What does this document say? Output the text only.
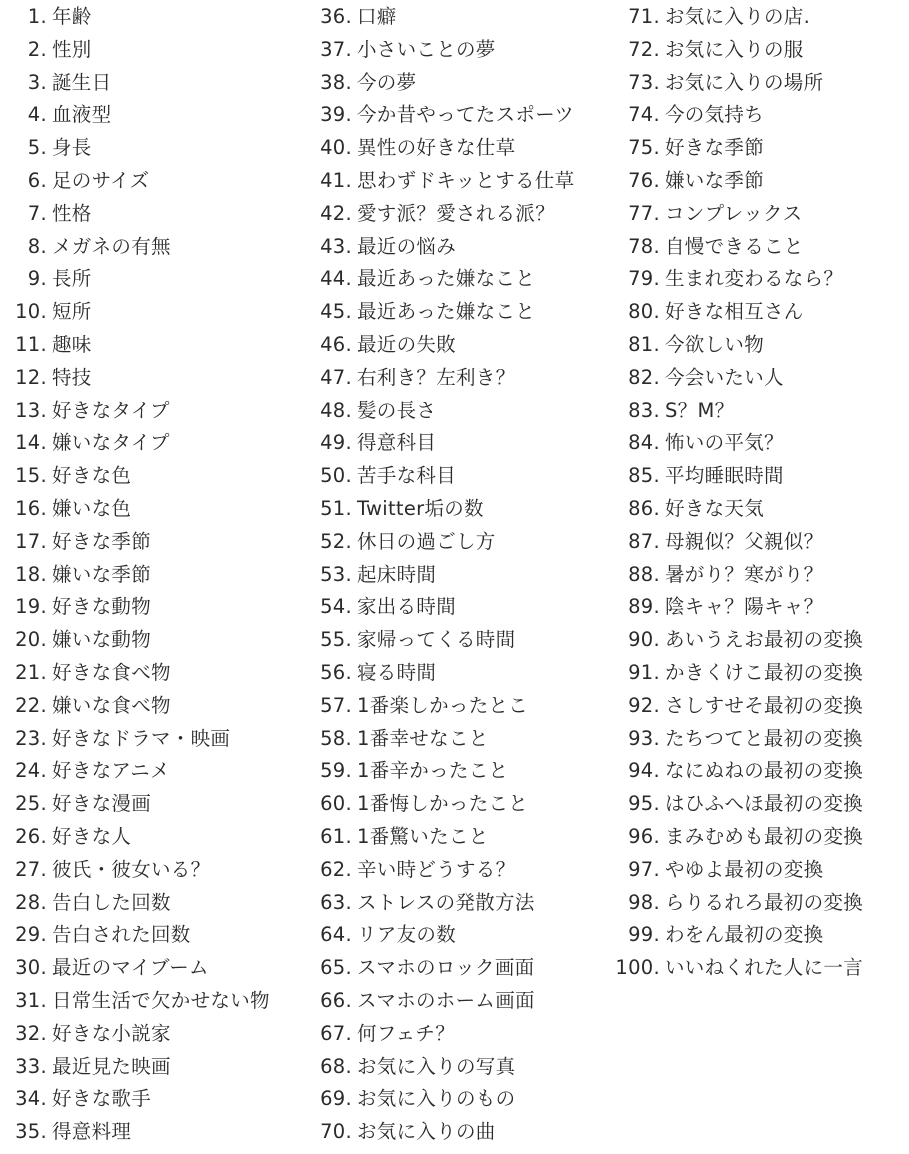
1. 年齢
2. 性別
3. 誕生日
4. 血液型
5. 身長
6. 足のサイズ
7. 性格
8. メガネの有無
9. 長所
10. 短所
11. 趣味
12. 特技
13. 好きなタイプ
14. 嫌いなタイプ
15. 好きな色
16. 嫌いな色
17. 好きな季節
18. 嫌いな季節
19. 好きな動物
20. 嫌いな動物
21. 好きな食べ物
22. 嫌いな食べ物
23. 好きなドラマ・映画
24. 好きなアニメ
25. 好きな漫画
26. 好きな人
27. 彼氏・彼女いる？
28. 告白した回数
29. 告白された回数
30. 最近のマイブーム
31. 日常生活で欠かせない物
32. 好きな小説家
33. 最近見た映画
34. 好きな歌手
35. 得意料理
36. 口癖
37. 小さいことの夢
38. 今の夢
39. 今か昔やってたスポーツ
40. 異性の好きな仕草
41. 思わずドキッとする仕草
42. 愛す派？愛される派？
43. 最近の悩み
44. 最近あった嫌なこと
45. 最近あった嫌なこと
46. 最近の失敗
47. 右利き？左利き？
48. 髪の長さ
49. 得意科目
50. 苦手な科目
51. Twitter垢の数
52. 休日の過ごし方
53. 起床時間
54. 家出る時間
55. 家帰ってくる時間
56. 寝る時間
57. 1番楽しかったとこ
58. 1番幸せなこと
59. 1番辛かったこと
60. 1番悔しかったこと
61. 1番驚いたこと
62. 辛い時どうする？
63. ストレスの発散方法
64. リア友の数
65. スマホのロック画面
66. スマホのホーム画面
67. 何フェチ？
68. お気に入りの写真
69. お気に入りのもの
70. お気に入りの曲
71. お気に入りの店.
72. お気に入りの服
73. お気に入りの場所
74. 今の気持ち
75. 好きな季節
76. 嫌いな季節
77. コンプレックス
78. 自慢できること
79. 生まれ変わるなら？
80. 好きな相互さん
81. 今欲しい物
82. 今会いたい人
83. S？M？
84. 怖いの平気？
85. 平均睡眠時間
86. 好きな天気
87. 母親似？父親似？
88. 暑がり？寒がり？
89. 陰キャ？陽キャ？
90. あいうえお最初の変換
91. かきくけこ最初の変換
92. さしすせそ最初の変換
93. たちつてと最初の変換
94. なにぬねの最初の変換
95. はひふへほ最初の変換
96. まみむめも最初の変換
97. やゆよ最初の変換
98. らりるれろ最初の変換
99. わをん最初の変換
100. いいねくれた人に一言
